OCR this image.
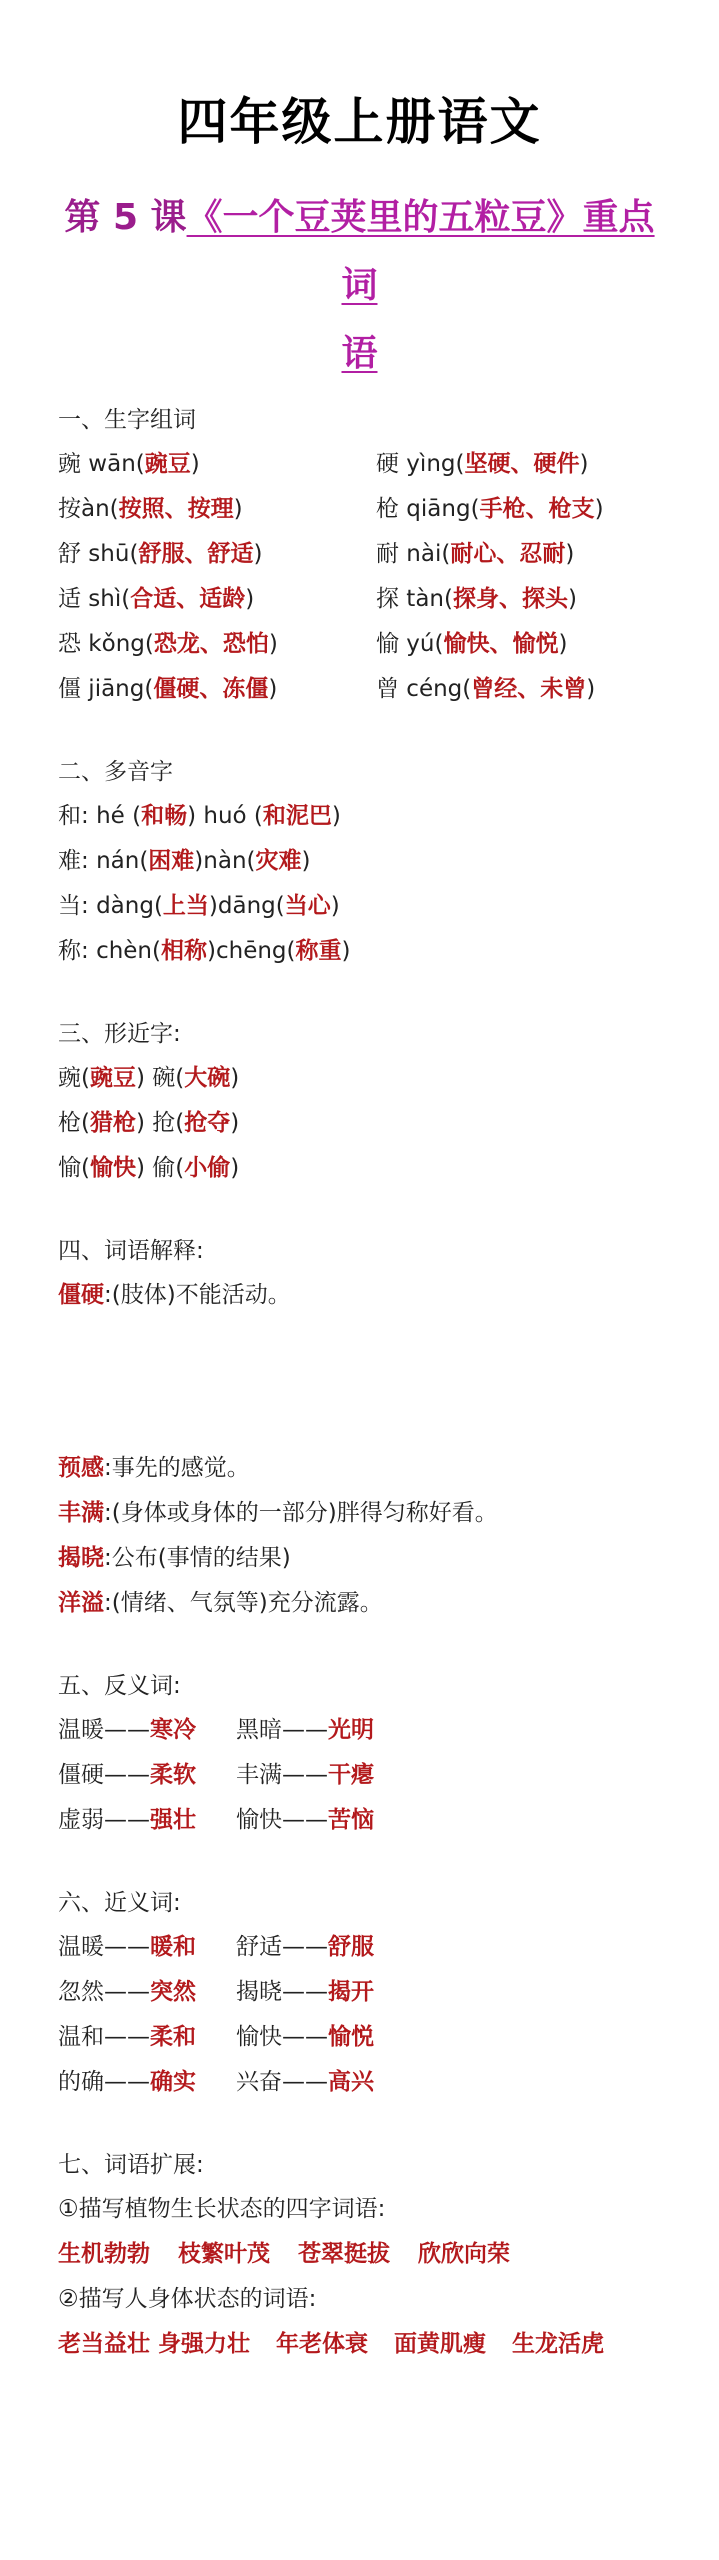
四年级上册语文
第 5 课《一个豆荚里的五粒豆》重点词
语

一、生字组词

豌 wān(豌豆)	硬 yìng(坚硬、硬件)
按àn(按照、按理)	枪 qiāng(手枪、枪支)
舒 shū(舒服、舒适)	耐 nài(耐心、忍耐)
适 shì(合适、适龄)	探 tàn(探身、探头)
恐 kǒng(恐龙、恐怕)	愉 yú(愉快、愉悦)
僵 jiāng(僵硬、冻僵)	曾 céng(曾经、未曾)

二、多音字

和: hé (和畅) huó (和泥巴)
难: nán(困难)nàn(灾难)
当: dàng(上当)dāng(当心)
称: chèn(相称)chēng(称重)

三、形近字:

豌(豌豆) 碗(大碗)
枪(猎枪) 抢(抢夺)
愉(愉快) 偷(小偷)

四、词语解释:

僵硬:(肢体)不能活动。
预感:事先的感觉。
丰满:(身体或身体的一部分)胖得匀称好看。
揭晓:公布(事情的结果)
洋溢:(情绪、气氛等)充分流露。

五、反义词:

温暖——寒冷 黑暗——光明
僵硬——柔软 丰满——干瘪
虚弱——强壮 愉快——苦恼

六、近义词:

温暖——暖和 舒适——舒服
忽然——突然 揭晓——揭开
温和——柔和 愉快——愉悦
的确——确实 兴奋——高兴

七、词语扩展:

①描写植物生长状态的四字词语:
生机勃勃 枝繁叶茂 苍翠挺拔 欣欣向荣
②描写人身体状态的词语:
老当益壮 身强力壮 年老体衰 面黄肌瘦 生龙活虎
